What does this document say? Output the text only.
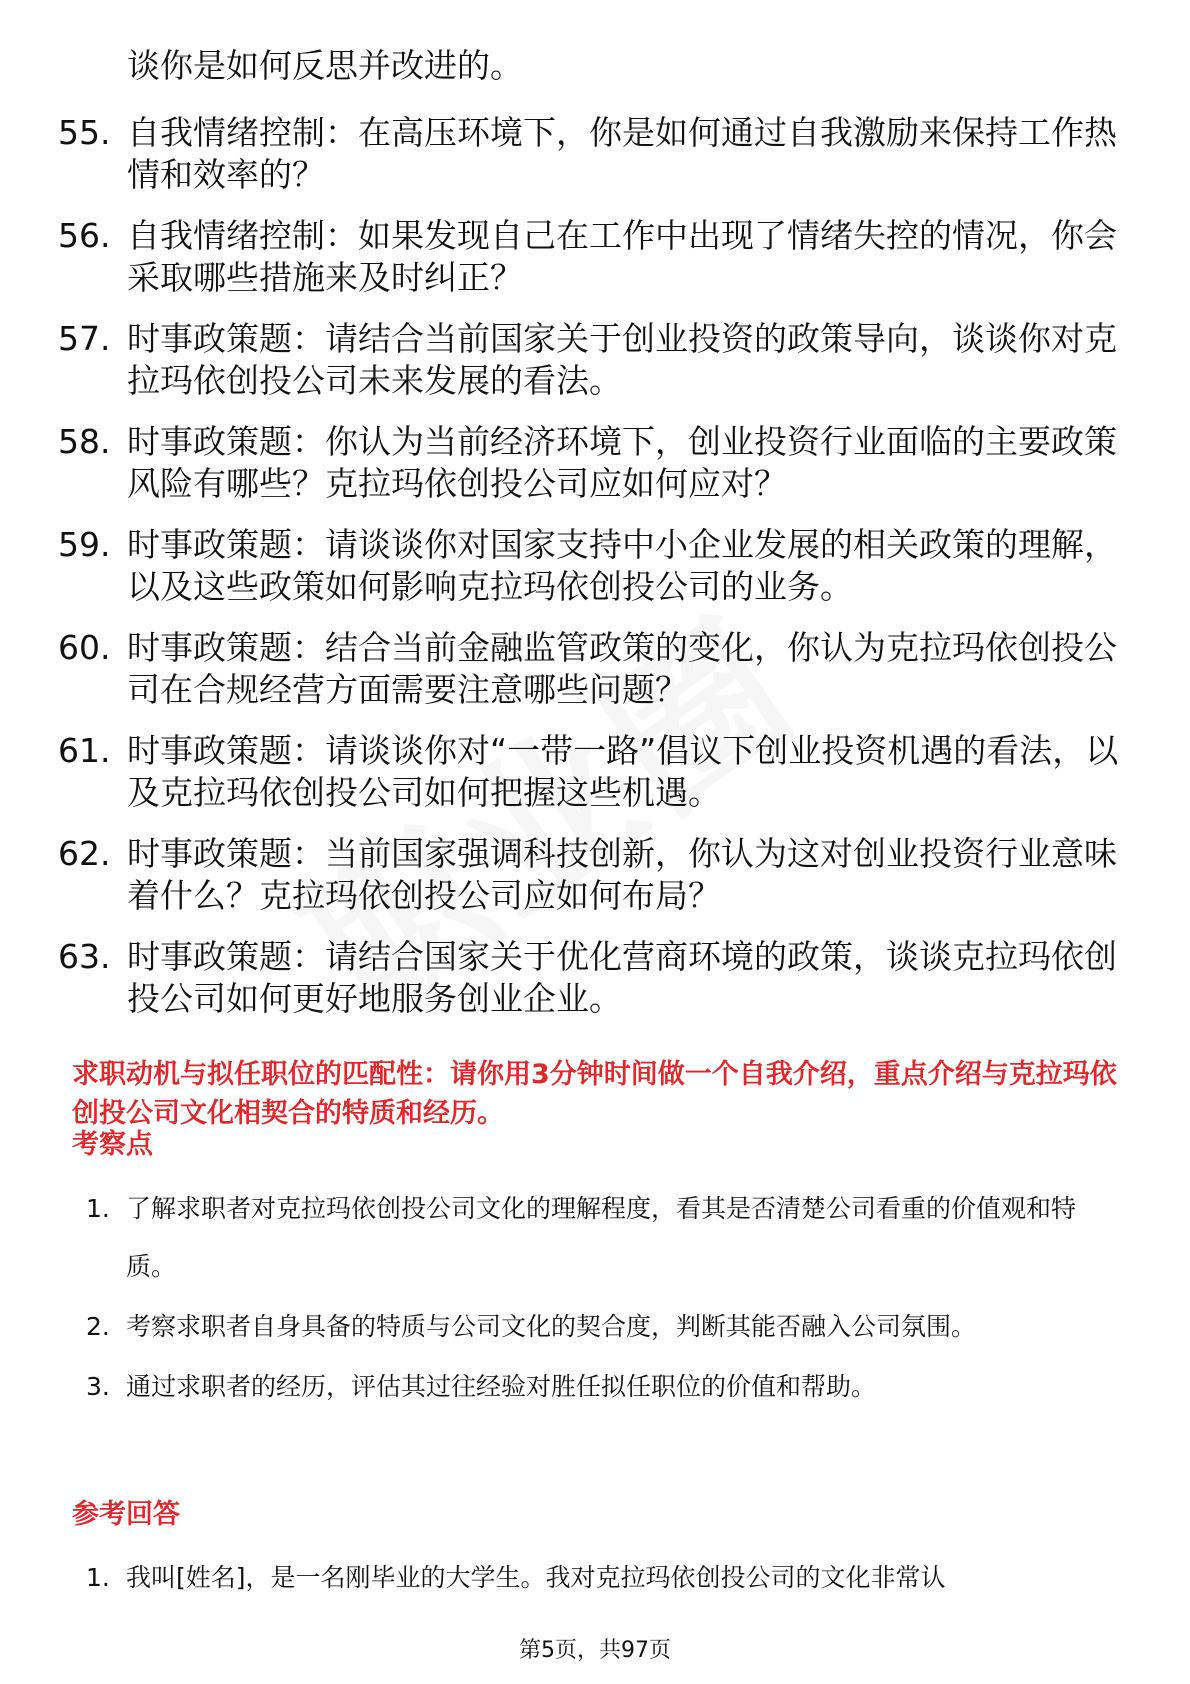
谈你是如何反思并改进的。
55. 自我情绪控制：在高压环境下，你是如何通过自我激励来保持工作热情和效率的？
56. 自我情绪控制：如果发现自己在工作中出现了情绪失控的情况，你会采取哪些措施来及时纠正？
57. 时事政策题：请结合当前国家关于创业投资的政策导向，谈谈你对克拉玛依创投公司未来发展的看法。
58. 时事政策题：你认为当前经济环境下，创业投资行业面临的主要政策风险有哪些？克拉玛依创投公司应如何应对？
59. 时事政策题：请谈谈你对国家支持中小企业发展的相关政策的理解，以及这些政策如何影响克拉玛依创投公司的业务。
60. 时事政策题：结合当前金融监管政策的变化，你认为克拉玛依创投公司在合规经营方面需要注意哪些问题？
61. 时事政策题：请谈谈你对“一带一路”倡议下创业投资机遇的看法，以及克拉玛依创投公司如何把握这些机遇。
62. 时事政策题：当前国家强调科技创新，你认为这对创业投资行业意味着什么？克拉玛依创投公司应如何布局？
63. 时事政策题：请结合国家关于优化营商环境的政策，谈谈克拉玛依创投公司如何更好地服务创业企业。
求职动机与拟任职位的匹配性：请你用3分钟时间做一个自我介绍，重点介绍与克拉玛依创投公司文化相契合的特质和经历。
考察点
1. 了解求职者对克拉玛依创投公司文化的理解程度，看其是否清楚公司看重的价值观和特质。
2. 考察求职者自身具备的特质与公司文化的契合度，判断其能否融入公司氛围。
3. 通过求职者的经历，评估其过往经验对胜任拟任职位的价值和帮助。
参考回答
1. 我叫[姓名]，是一名刚毕业的大学生。我对克拉玛依创投公司的文化非常认
第5页，共97页
